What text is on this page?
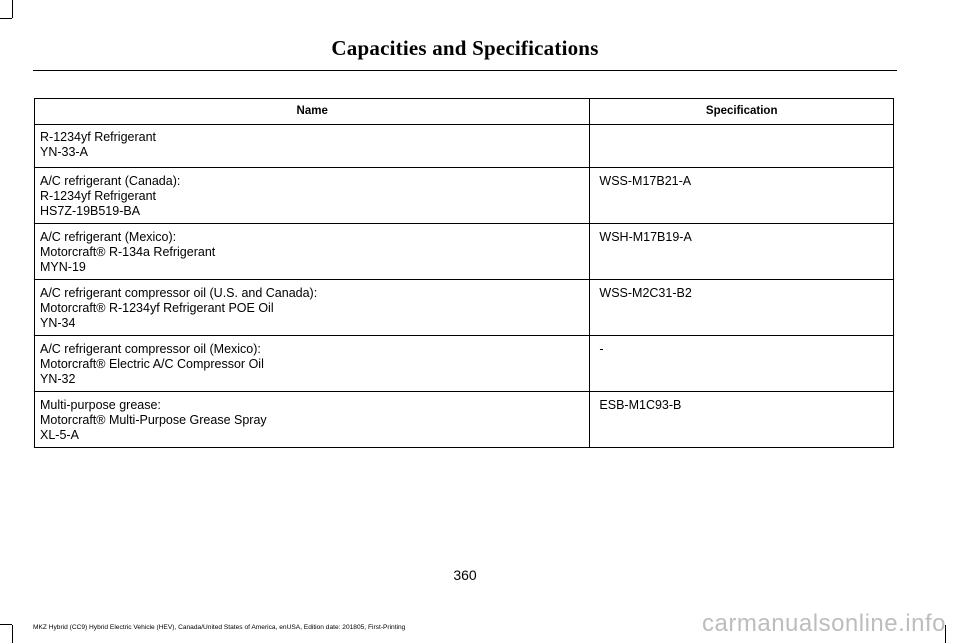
Capacities and Specifications
Name	Specification

R-1234yf Refrigerant
YN-33-A	

A/C refrigerant (Canada):
R-1234yf Refrigerant
HS7Z-19B519-BA	WSS-M17B21-A

A/C refrigerant (Mexico):
Motorcraft® R-134a Refrigerant
MYN-19	WSH-M17B19-A

A/C refrigerant compressor oil (U.S. and Canada):
Motorcraft® R-1234yf Refrigerant POE Oil
YN-34	WSS-M2C31-B2

A/C refrigerant compressor oil (Mexico):
Motorcraft® Electric A/C Compressor Oil
YN-32	-

Multi-purpose grease:
Motorcraft® Multi-Purpose Grease Spray
XL-5-A	ESB-M1C93-B
360
MKZ Hybrid (CC9) Hybrid Electric Vehicle (HEV), Canada/United States of America, enUSA, Edition date: 201805, First-Printing	carmanualsonline.info
